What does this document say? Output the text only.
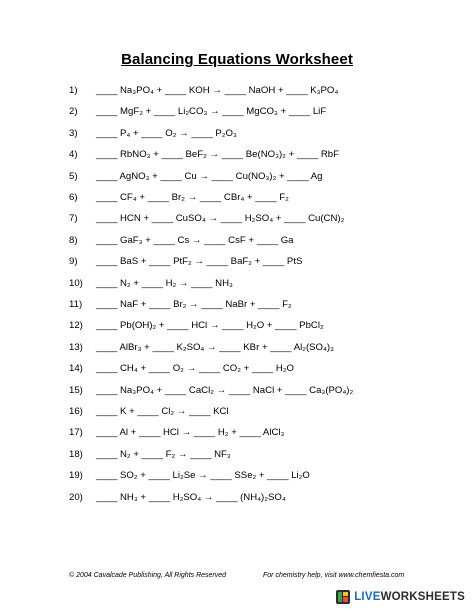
Balancing Equations Worksheet
1) ____ Na₃PO₄ + ____ KOH → ____ NaOH + ____ K₃PO₄
2) ____ MgF₂ + ____ Li₂CO₃ → ____ MgCO₃ + ____ LiF
3) ____ P₄ + ____ O₂ → ____ P₂O₃
4) ____ RbNO₃ + ____ BeF₂ → ____ Be(NO₃)₂ + ____ RbF
5) ____ AgNO₃ + ____ Cu → ____ Cu(NO₃)₂ + ____ Ag
6) ____ CF₄ + ____ Br₂ → ____ CBr₄ + ____ F₂
7) ____ HCN + ____ CuSO₄ → ____ H₂SO₄ + ____ Cu(CN)₂
8) ____ GaF₃ + ____ Cs → ____ CsF + ____ Ga
9) ____ BaS + ____ PtF₂ → ____ BaF₂ + ____ PtS
10) ____ N₂ + ____ H₂ → ____ NH₃
11) ____ NaF + ____ Br₂ → ____ NaBr + ____ F₂
12) ____ Pb(OH)₂ + ____ HCl → ____ H₂O + ____ PbCl₂
13) ____ AlBr₃ + ____ K₂SO₄ → ____ KBr + ____ Al₂(SO₄)₃
14) ____ CH₄ + ____ O₂ → ____ CO₂ + ____ H₂O
15) ____ Na₃PO₄ + ____ CaCl₂ → ____ NaCl + ____ Ca₃(PO₄)₂
16) ____ K + ____ Cl₂ → ____ KCl
17) ____ Al + ____ HCl → ____ H₂ + ____ AlCl₃
18) ____ N₂ + ____ F₂ → ____ NF₃
19) ____ SO₂ + ____ Li₂Se → ____ SSe₂ + ____ Li₂O
20) ____ NH₃ + ____ H₂SO₄ → ____ (NH₄)₂SO₄
© 2004 Cavalcade Publishing, All Rights Reserved	For chemistry help, visit www.chemfiesta.com
LIVEWORKSHEETS
